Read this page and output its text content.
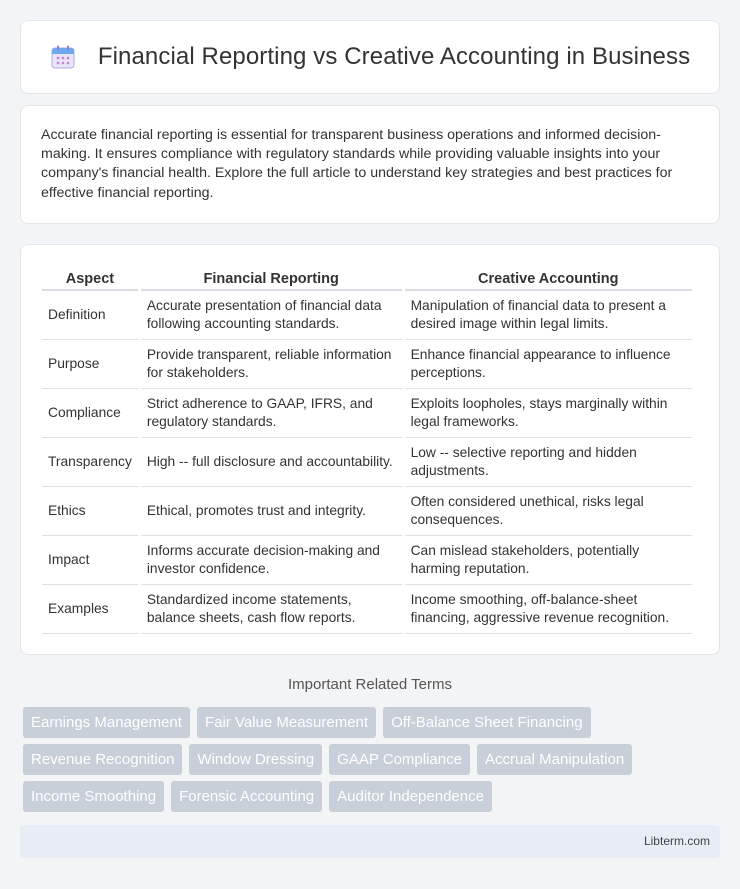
Financial Reporting vs Creative Accounting in Business

Accurate financial reporting is essential for transparent business operations and informed decision-making. It ensures compliance with regulatory standards while providing valuable insights into your company's financial health. Explore the full article to understand key strategies and best practices for effective financial reporting.

Aspect	Financial Reporting	Creative Accounting
Definition	Accurate presentation of financial data following accounting standards.	Manipulation of financial data to present a desired image within legal limits.
Purpose	Provide transparent, reliable information for stakeholders.	Enhance financial appearance to influence perceptions.
Compliance	Strict adherence to GAAP, IFRS, and regulatory standards.	Exploits loopholes, stays marginally within legal frameworks.
Transparency	High -- full disclosure and accountability.	Low -- selective reporting and hidden adjustments.
Ethics	Ethical, promotes trust and integrity.	Often considered unethical, risks legal consequences.
Impact	Informs accurate decision-making and investor confidence.	Can mislead stakeholders, potentially harming reputation.
Examples	Standardized income statements, balance sheets, cash flow reports.	Income smoothing, off-balance-sheet financing, aggressive revenue recognition.
Important Related Terms
Earnings Management	Fair Value Measurement	Off-Balance Sheet Financing
Revenue Recognition	Window Dressing	GAAP Compliance	Accrual Manipulation
Income Smoothing	Forensic Accounting	Auditor Independence
Libterm.com
